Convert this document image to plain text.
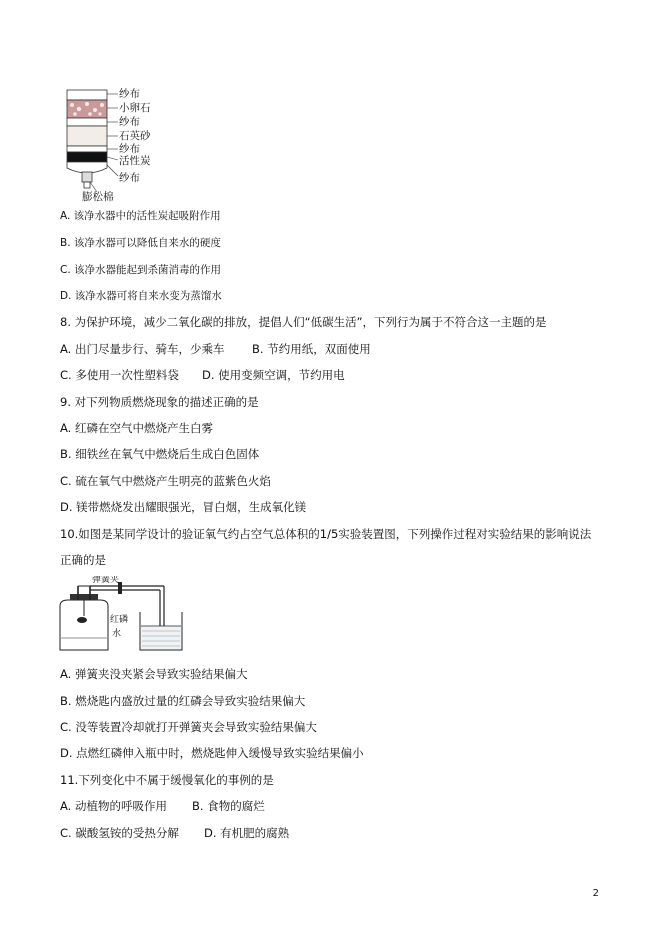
纱布
小卵石
纱布
石英砂
纱布
活性炭
纱布
膨松棉
A. 该净水器中的活性炭起吸附作用
B. 该净水器可以降低自来水的硬度
C. 该净水器能起到杀菌消毒的作用
D. 该净水器可将自来水变为蒸馏水
8. 为保护环境，减少二氧化碳的排放，提倡人们“低碳生活”，下列行为属于不符合这一主题的是
A. 出门尽量步行、骑车，少乘车 B. 节约用纸，双面使用
C. 多使用一次性塑料袋 D. 使用变频空调，节约用电
9. 对下列物质燃烧现象的描述正确的是
A. 红磷在空气中燃烧产生白雾
B. 细铁丝在氧气中燃烧后生成白色固体
C. 硫在氧气中燃烧产生明亮的蓝紫色火焰
D. 镁带燃烧发出耀眼强光，冒白烟，生成氧化镁
10.如图是某同学设计的验证氧气约占空气总体积的1/5实验装置图，下列操作过程对实验结果的影响说法
正确的是
弹簧夹
红磷
水
A. 弹簧夹没夹紧会导致实验结果偏大
B. 燃烧匙内盛放过量的红磷会导致实验结果偏大
C. 没等装置冷却就打开弹簧夹会导致实验结果偏大
D. 点燃红磷伸入瓶中时，燃烧匙伸入缓慢导致实验结果偏小
11.下列变化中不属于缓慢氧化的事例的是
A. 动植物的呼吸作用 B. 食物的腐烂
C. 碳酸氢铵的受热分解 D. 有机肥的腐熟
2
